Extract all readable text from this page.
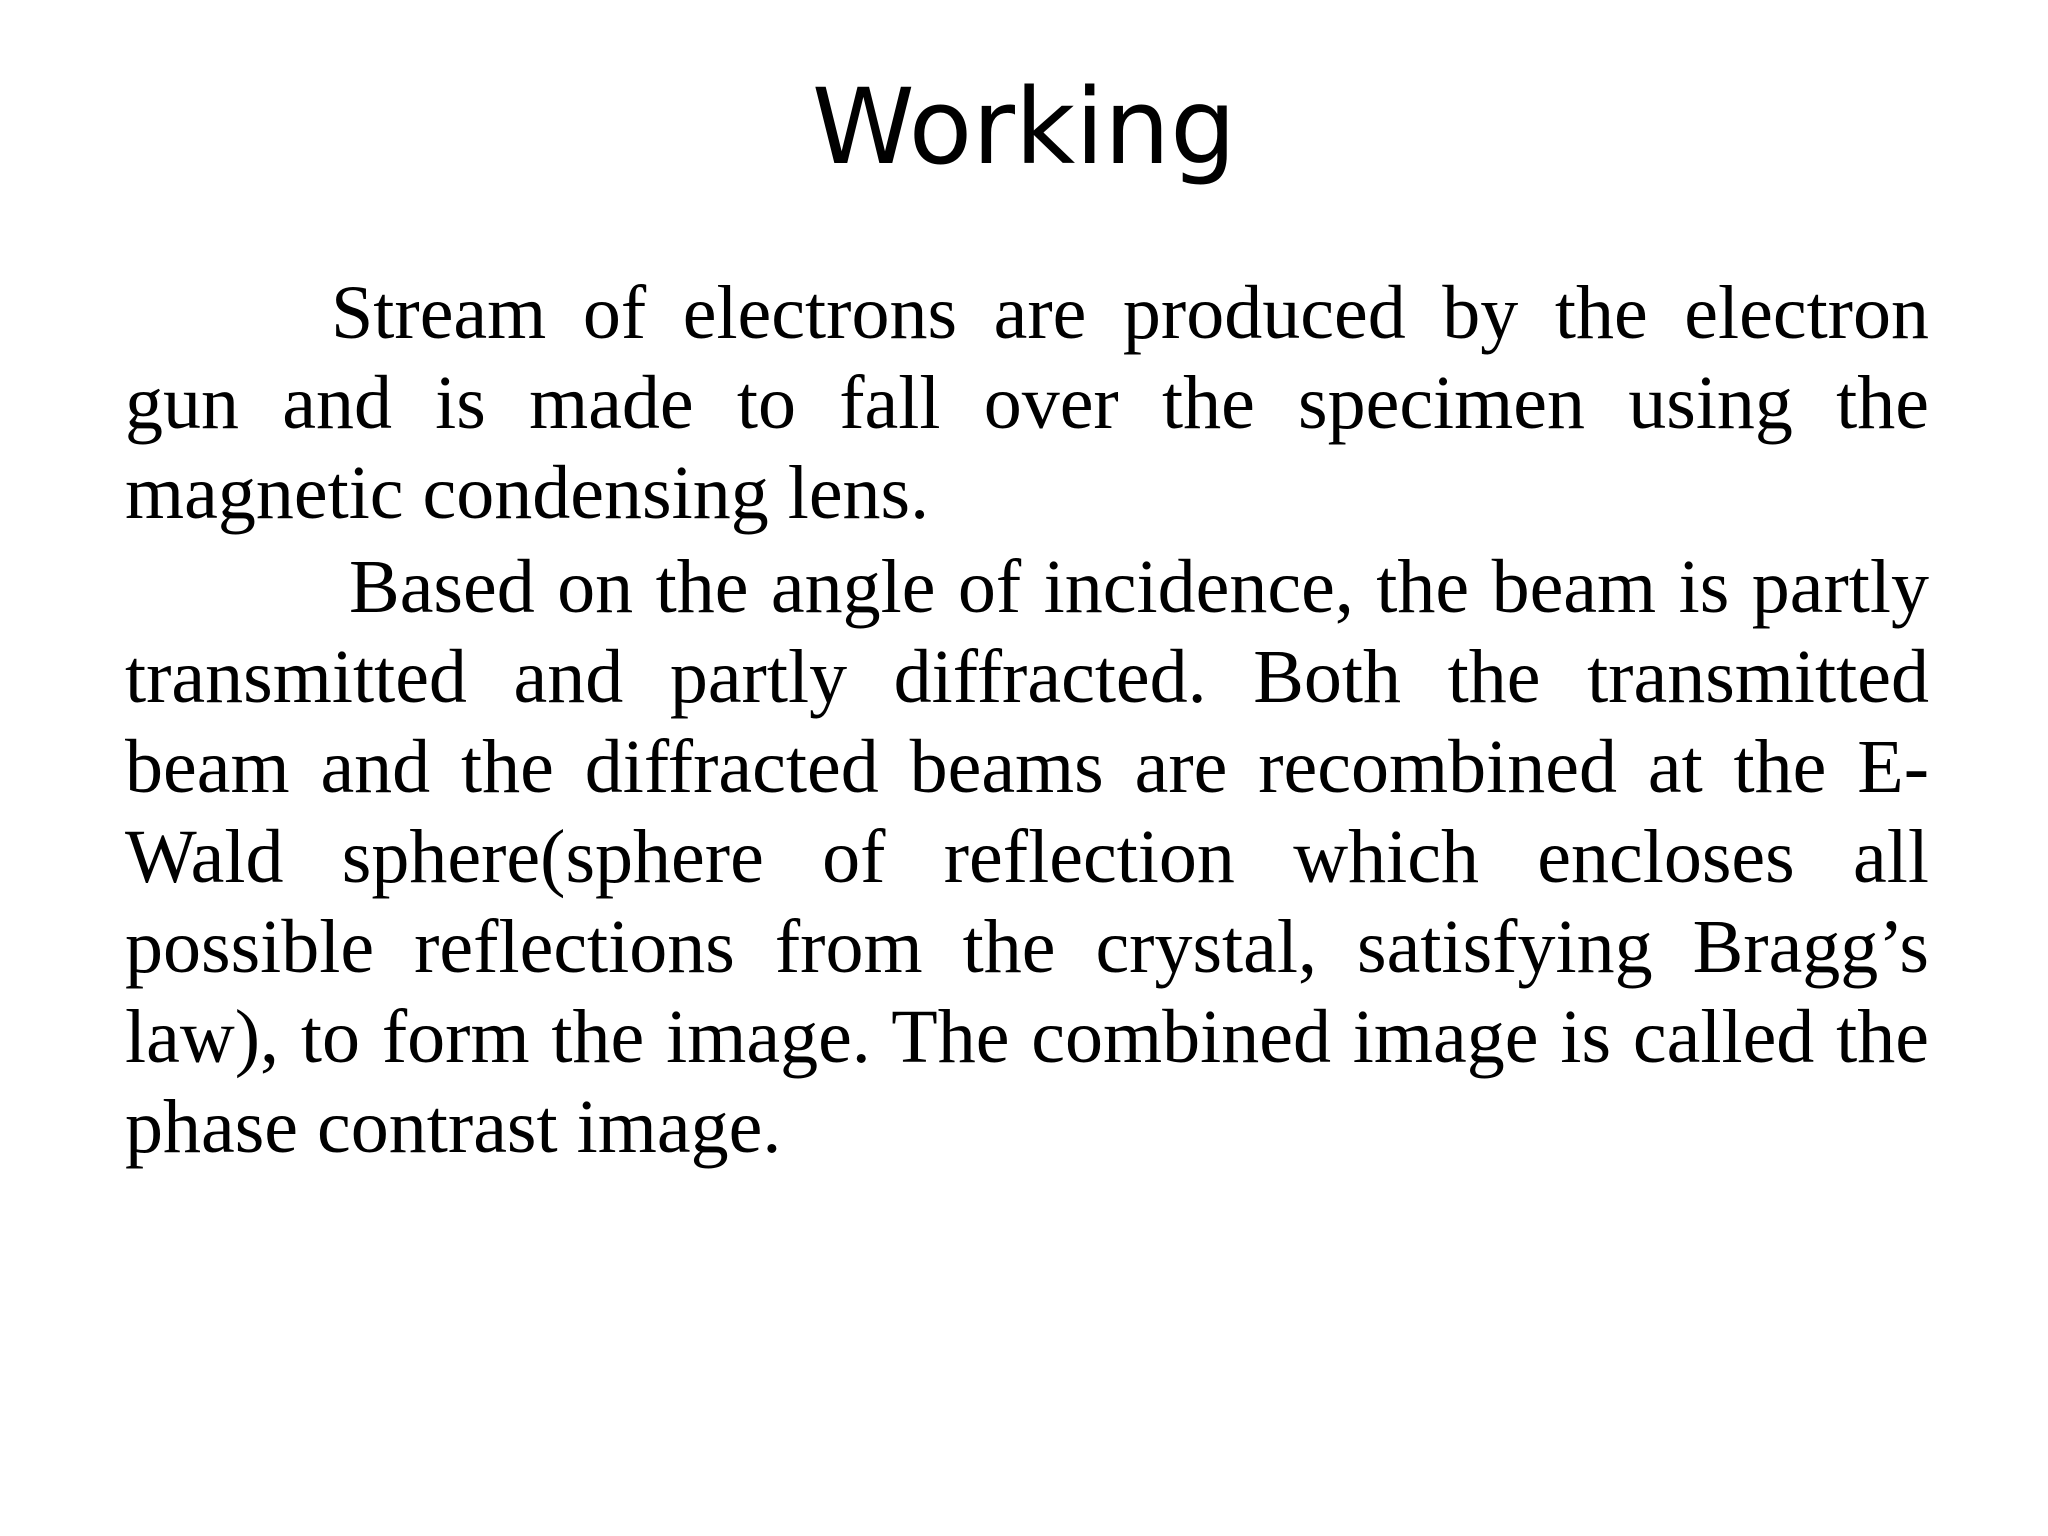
Working

Stream of electrons are produced by the electron gun and is made to fall over the specimen using the magnetic condensing lens.

Based on the angle of incidence, the beam is partly transmitted and partly diffracted. Both the transmitted beam and the diffracted beams are recombined at the E-Wald sphere(sphere of reflection which encloses all possible reflections from the crystal, satisfying Bragg’s law), to form the image. The combined image is called the phase contrast image.
